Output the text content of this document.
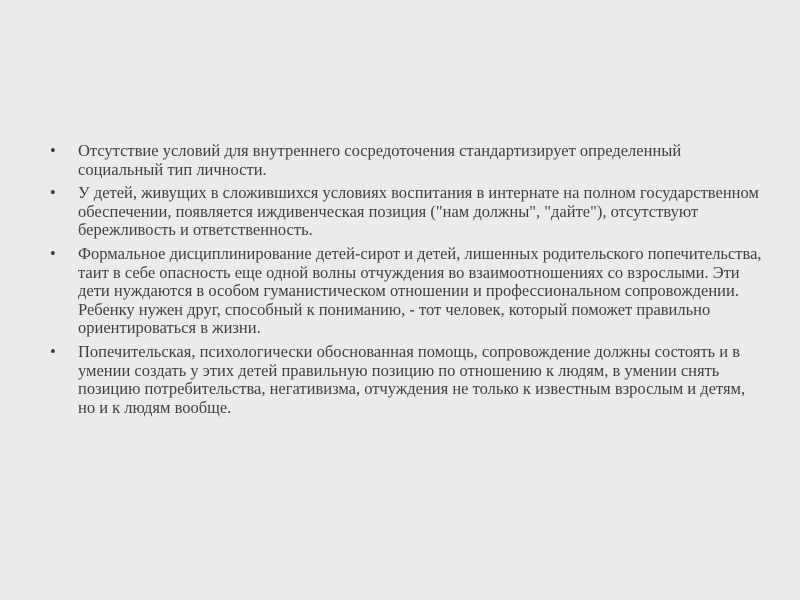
• Отсутствие условий для внутреннего сосредоточения стандартизирует определенный социальный тип личности.
• У детей, живущих в сложившихся условиях воспитания в интернате на полном государственном обеспечении, появляется иждивенческая позиция ("нам должны", "дайте"), отсутствуют бережливость и ответственность.
• Формальное дисциплинирование детей-сирот и детей, лишенных родительского попечительства, таит в себе опасность еще одной волны отчуждения во взаимоотношениях со взрослыми. Эти дети нуждаются в особом гуманистическом отношении и профессиональном сопровождении. Ребенку нужен друг, способный к пониманию, - тот человек, который поможет правильно ориентироваться в жизни.
• Попечительская, психологически обоснованная помощь, сопровождение должны состоять и в умении создать у этих детей правильную позицию по отношению к людям, в умении снять позицию потребительства, негативизма, отчуждения не только к известным взрослым и детям, но и к людям вообще.
